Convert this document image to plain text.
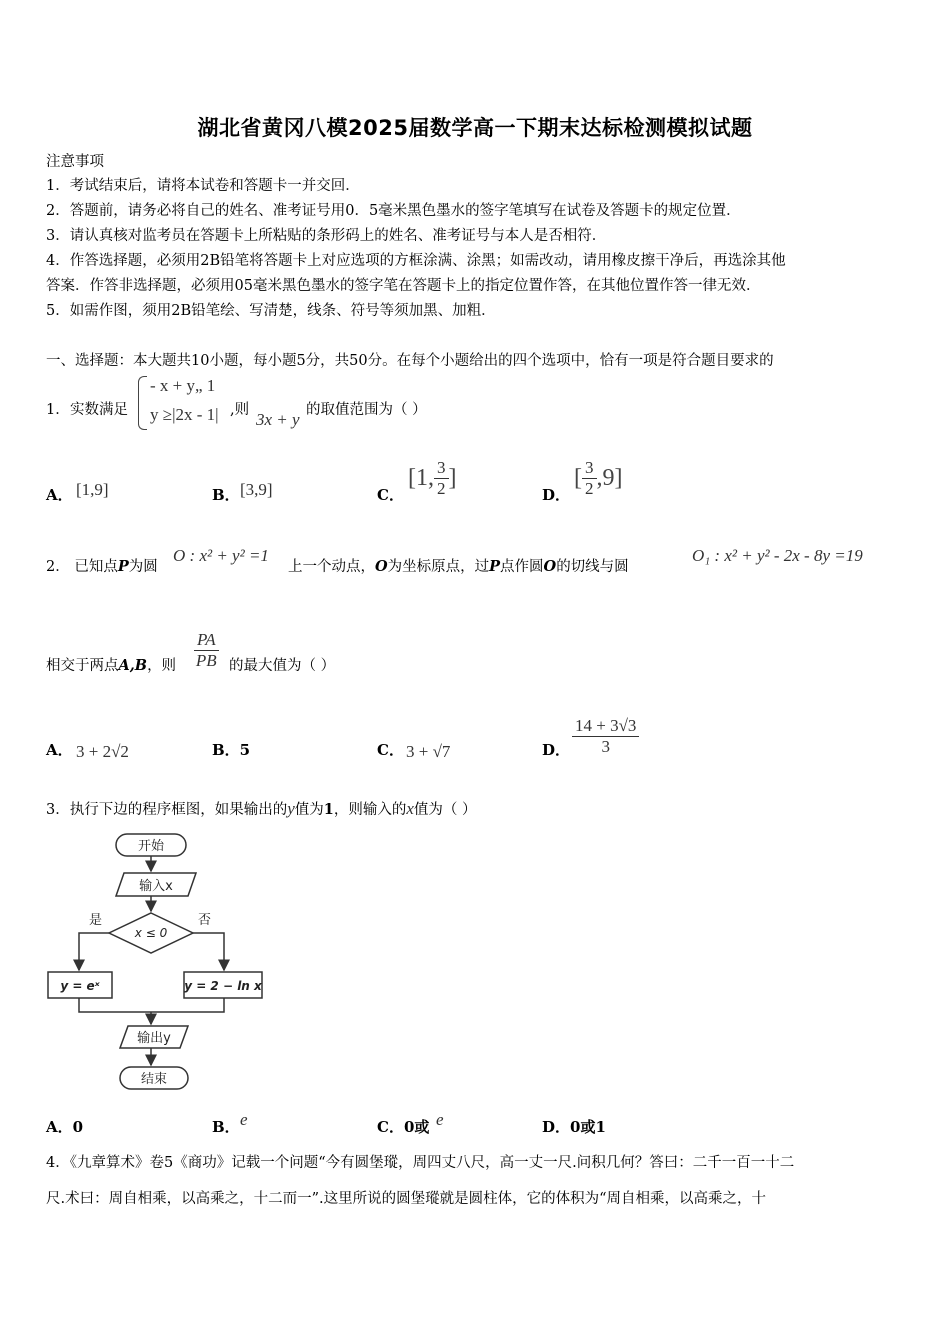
湖北省黄冈八模2025届数学高一下期末达标检测模拟试题
注意事项
1．考试结束后，请将本试卷和答题卡一并交回．
2．答题前，请务必将自己的姓名、准考证号用0．5毫米黑色墨水的签字笔填写在试卷及答题卡的规定位置．
3．请认真核对监考员在答题卡上所粘贴的条形码上的姓名、准考证号与本人是否相符．
4．作答选择题，必须用2B铅笔将答题卡上对应选项的方框涂满、涂黑；如需改动，请用橡皮擦干净后，再选涂其他
答案．作答非选择题，必须用05毫米黑色墨水的签字笔在答题卡上的指定位置作答，在其他位置作答一律无效．
5．如需作图，须用2B铅笔绘、写清楚，线条、符号等须加黑、加粗．
一、选择题：本大题共10小题，每小题5分，共50分。在每个小题给出的四个选项中，恰有一项是符合题目要求的
1． 实数满足
- x + y„ 1
y ≥|2x - 1| ,则 3x + y 的取值范围为（ ）
A． [1,9]	B． [3,9]	C．
[1, $\frac{3}{2}$ ]
D．
[ $\frac{3}{2} ,9$]
2． 已知点P为圆
O : x² + y² =1
上一个动点，O为坐标原点，过P点作圆O的切线与圆
O₁ : x² + y² - 2x - 8y =19
相交于两点A,B，则 $\frac{PA}{PB}$ 的最大值为（ ）
A． 3 + 2√2	B．5	C． 3 + √7	D． $\frac{14 + 3√3}{3}$
3．执行下边的程序框图，如果输出的y值为1，则输入的x值为（ ）
开始
输入x
x ≤ 0
是	否
y = eˣ	y = 2 − ln x
输出y
结束
A．0	B． e	C．0或 e	D．0或1
4．《九章算术》卷5《商功》记载一个问题“今有圆堡瑽，周四丈八尺，高一丈一尺.问积几何？答曰：二千一百一十二
尺.术曰：周自相乘，以高乘之，十二而一”.这里所说的圆堡瑽就是圆柱体，它的体积为“周自相乘，以高乘之，十
